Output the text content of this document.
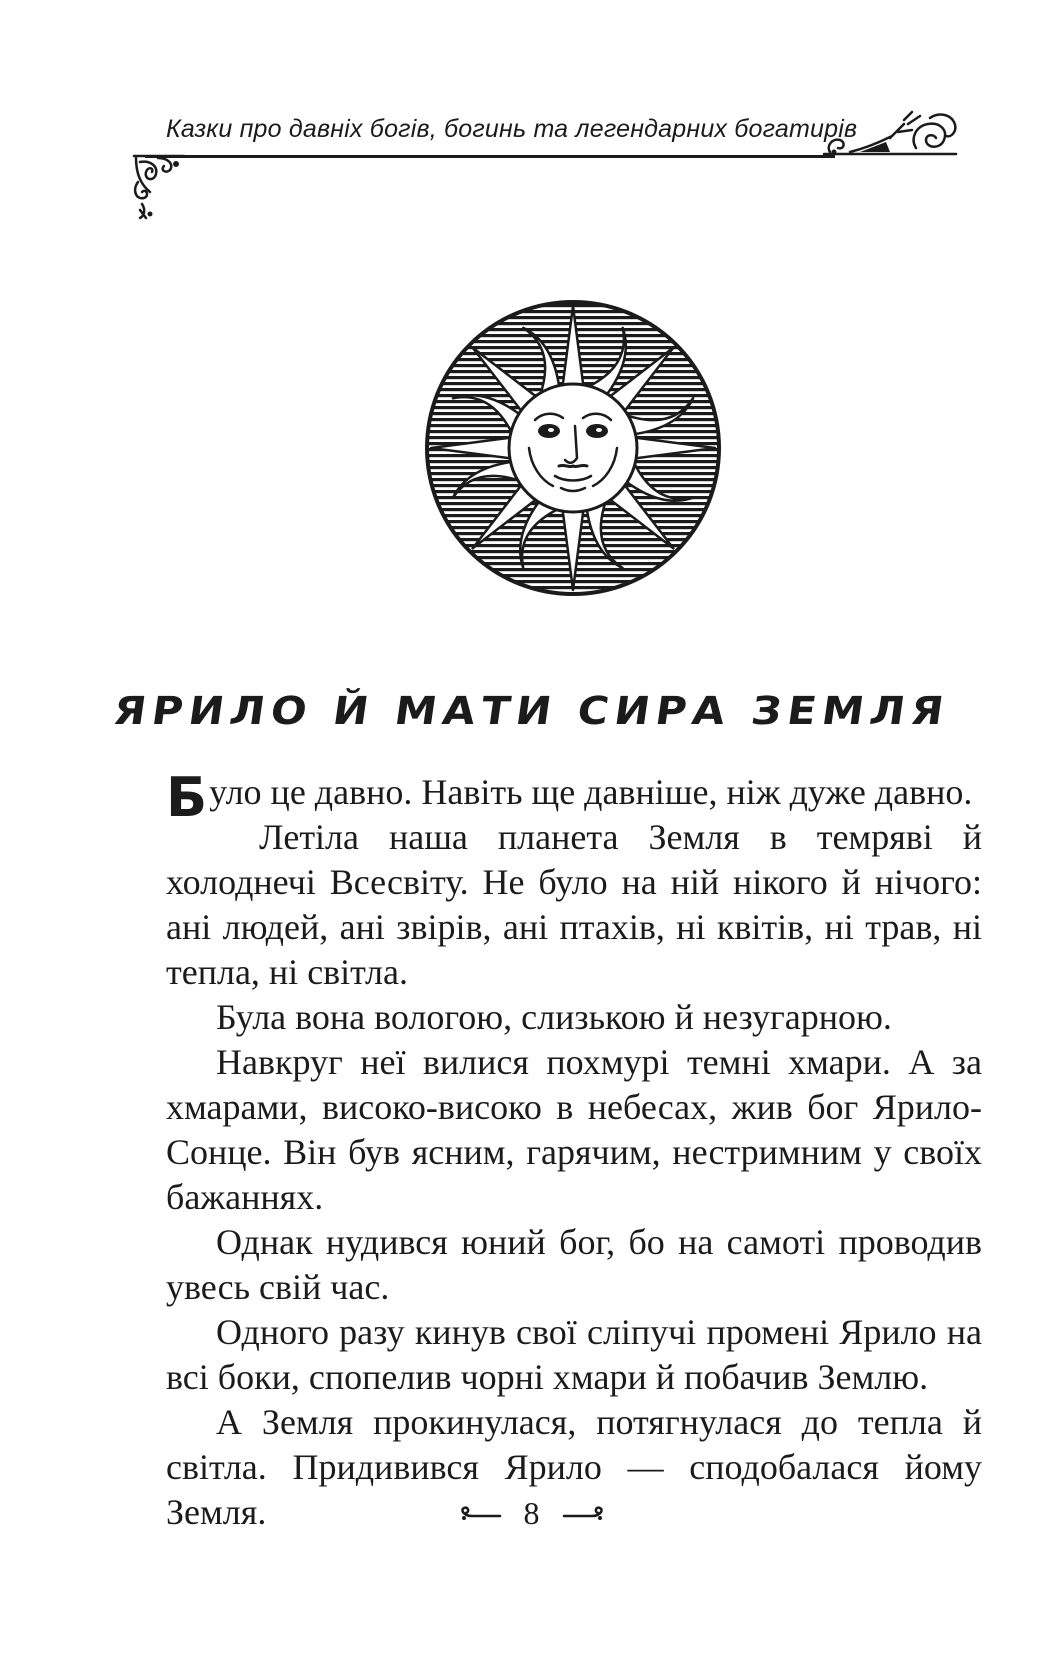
Казки про давніх богів, богинь та легендарних богатирів
ЯРИЛО Й МАТИ СИРА ЗЕМЛЯ

Було це давно. Навіть ще давніше, ніж дуже давно.

Летіла наша планета Земля в темряві й холоднечі Всесвіту. Не було на ній нікого й нічого: ані людей, ані звірів, ані птахів, ні квітів, ні трав, ні тепла, ні світла.

Була вона вологою, слизькою й незугарною.

Навкруг неї вилися похмурі темні хмари. А за хмарами, високо-високо в небесах, жив бог Ярило-Сонце. Він був ясним, гарячим, нестримним у своїх бажаннях.

Однак нудився юний бог, бо на самоті проводив увесь свій час.

Одного разу кинув свої сліпучі промені Ярило на всі боки, спопелив чорні хмари й побачив Землю.

А Земля прокинулася, потягнулася до тепла й світла. Придивився Ярило — сподобалася йому Земля.	8
